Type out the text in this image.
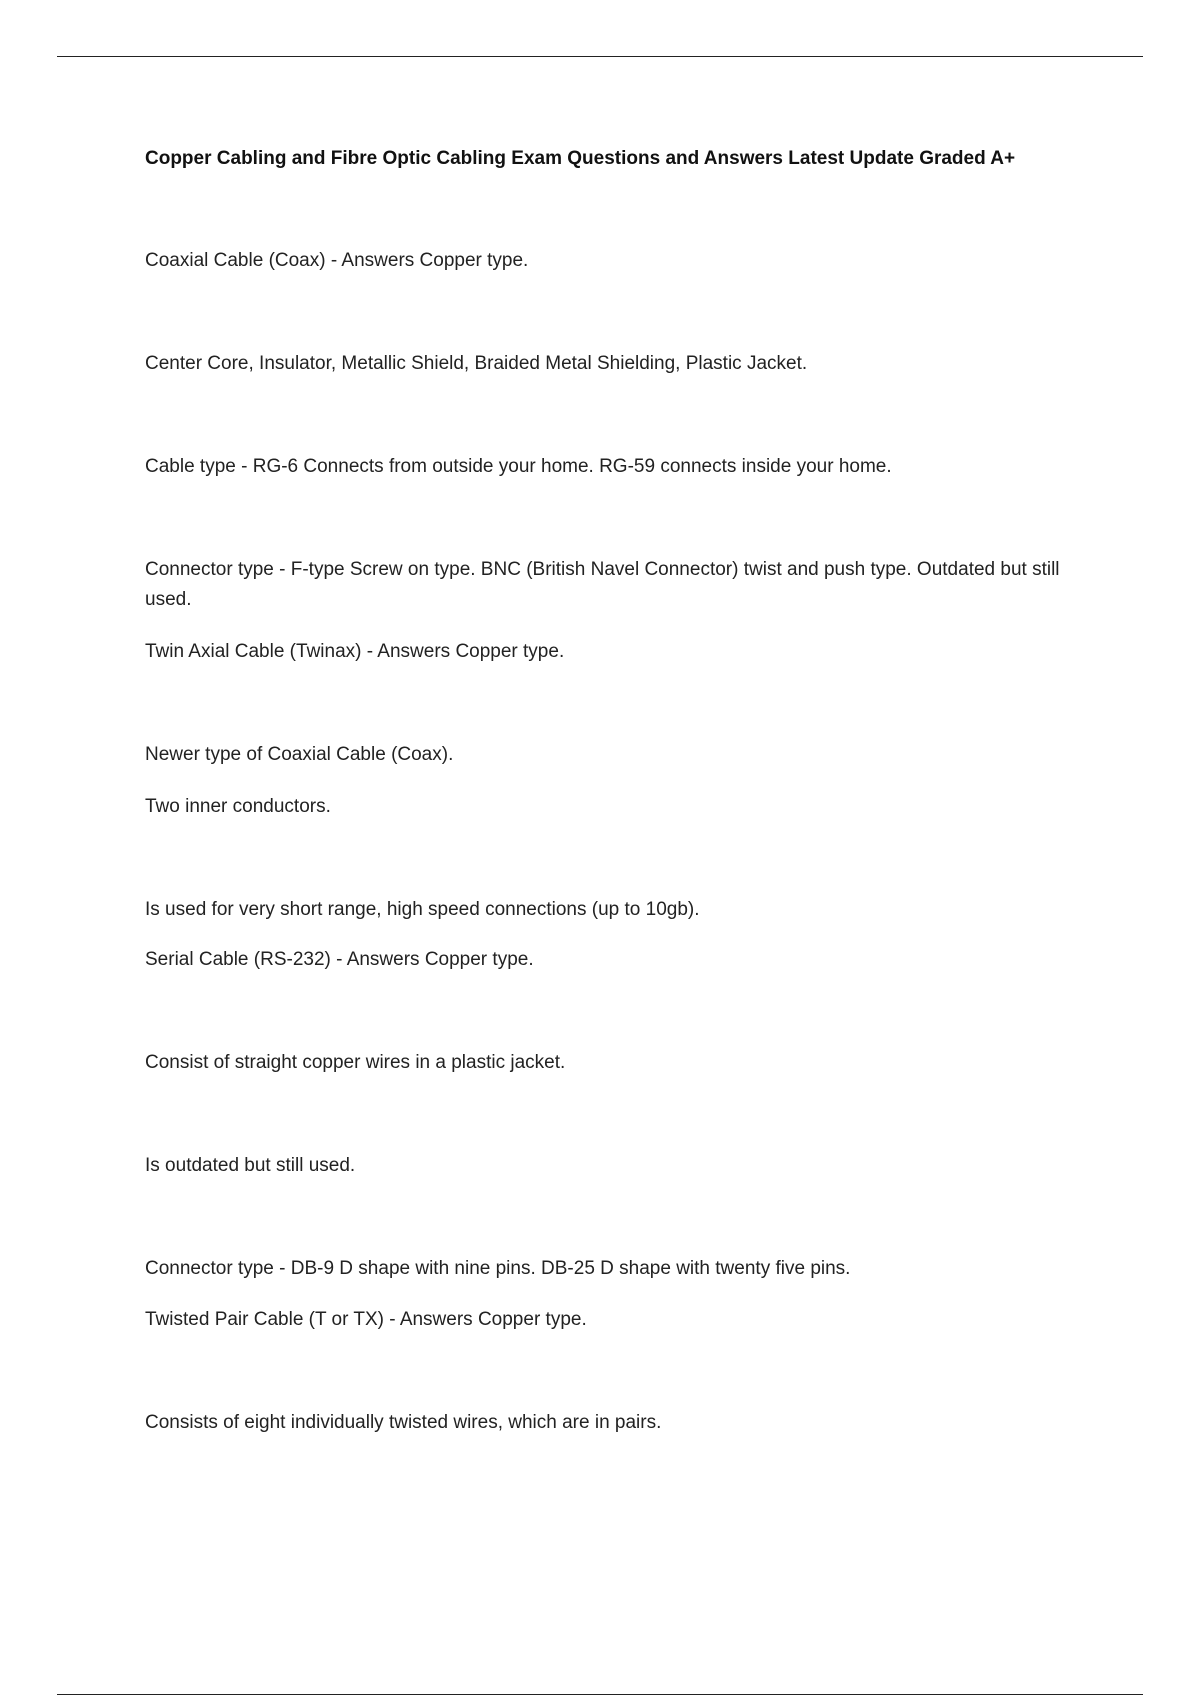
Copper Cabling and Fibre Optic Cabling Exam Questions and Answers Latest Update Graded A+

Coaxial Cable (Coax) - Answers Copper type.

Center Core, Insulator, Metallic Shield, Braided Metal Shielding, Plastic Jacket.

Cable type - RG-6 Connects from outside your home. RG-59 connects inside your home.

Connector type - F-type Screw on type. BNC (British Navel Connector) twist and push type. Outdated but still used.

Twin Axial Cable (Twinax) - Answers Copper type.

Newer type of Coaxial Cable (Coax).

Two inner conductors.

Is used for very short range, high speed connections (up to 10gb).

Serial Cable (RS-232) - Answers Copper type.

Consist of straight copper wires in a plastic jacket.

Is outdated but still used.

Connector type - DB-9 D shape with nine pins. DB-25 D shape with twenty five pins.

Twisted Pair Cable (T or TX) - Answers Copper type.

Consists of eight individually twisted wires, which are in pairs.
